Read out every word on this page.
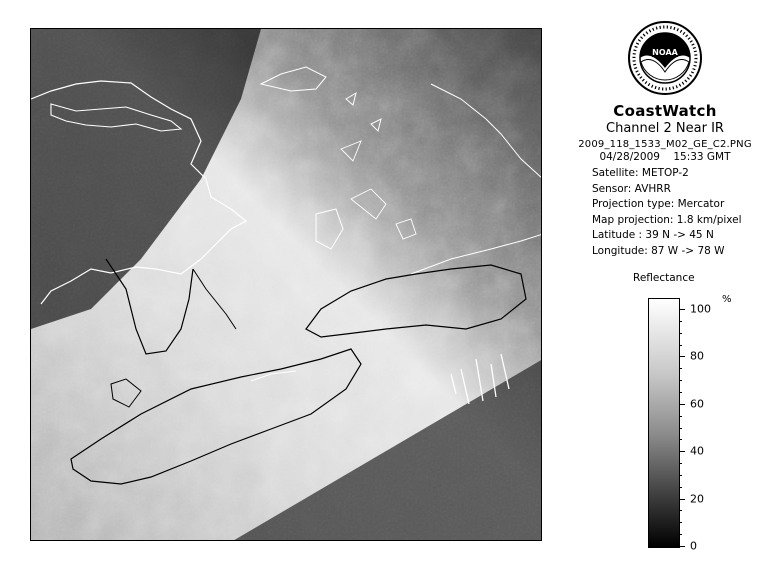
NOAA
CoastWatch
Channel 2 Near IR
2009_118_1533_M02_GE_C2.PNG
04/28/2009 15:33 GMT
Satellite: METOP-2
Sensor: AVHRR
Projection type: Mercator
Map projection: 1.8 km/pixel
Latitude : 39 N -> 45 N
Longitude: 87 W -> 78 W
Reflectance
%
100
80
60
40
20
0
